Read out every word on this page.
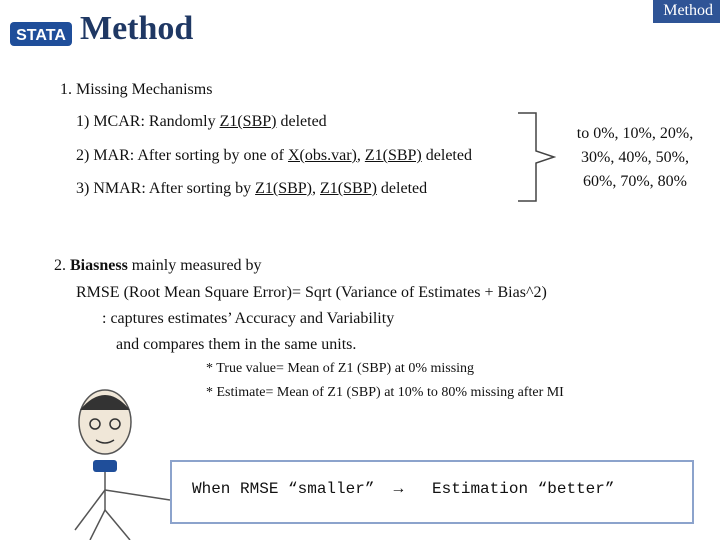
STATA Method	Method
1. Missing Mechanisms
1) MCAR: Randomly Z1(SBP) deleted
2) MAR: After sorting by one of X(obs.var), Z1(SBP) deleted
3) NMAR: After sorting by Z1(SBP), Z1(SBP) deleted
to 0%, 10%, 20%,
30%, 40%, 50%,
60%, 70%, 80%
2. Biasness mainly measured by
RMSE (Root Mean Square Error)= Sqrt (Variance of Estimates + Bias^2)
: captures estimates’ Accuracy and Variability
and compares them in the same units.
* True value= Mean of Z1 (SBP) at 0% missing
* Estimate= Mean of Z1 (SBP) at 10% to 80% missing after MI
When RMSE “smaller”  →   Estimation “better”
